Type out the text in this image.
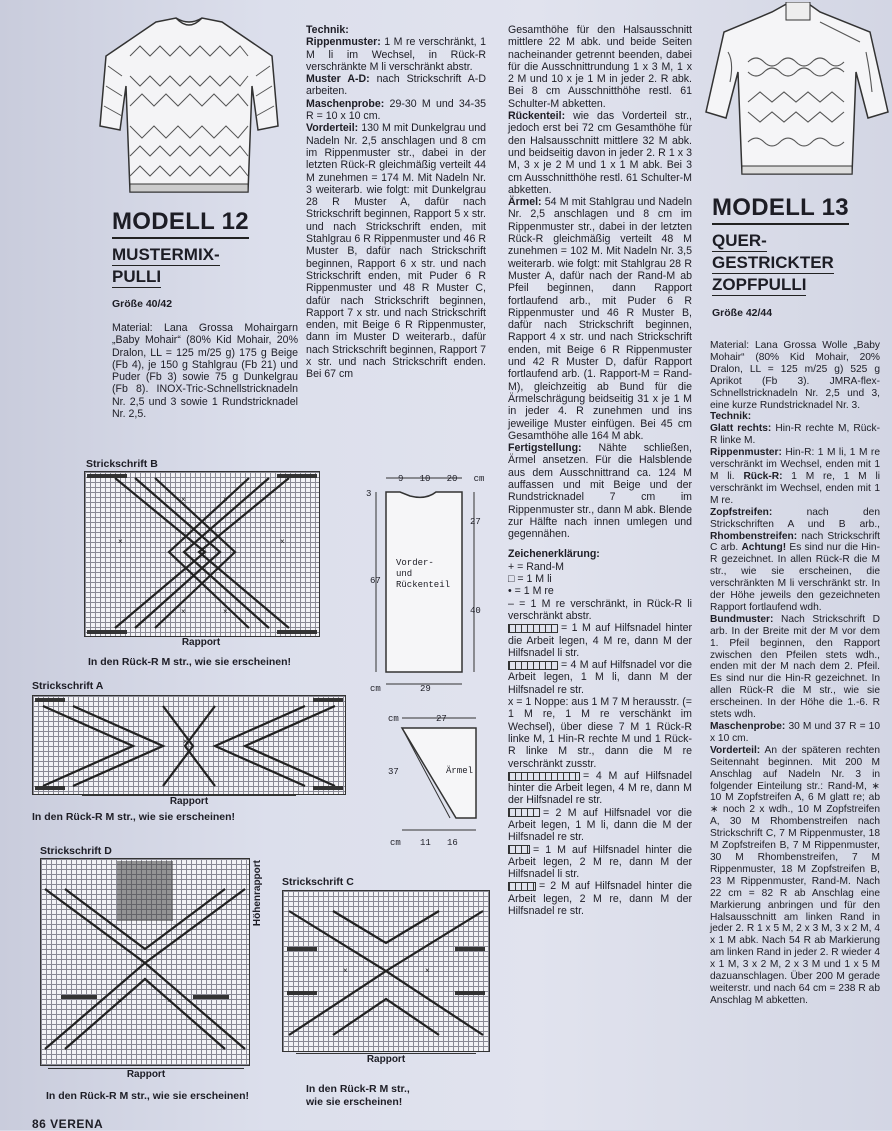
MODELL 12
MUSTERMIX-
PULLI
Größe 40/42
Material: Lana Grossa Mohairgarn „Baby Mohair“ (80% Kid Mohair, 20% Dralon, LL = 125 m/25 g) 175 g Beige (Fb 4), je 150 g Stahlgrau (Fb 21) und Puder (Fb 3) sowie 75 g Dunkelgrau (Fb 8). INOX-Tric-Schnellstricknadeln Nr. 2,5 und 3 sowie 1 Rundstricknadel Nr. 2,5.

Technik:

Rippenmuster: 1 M re verschränkt, 1 M li im Wechsel, in Rück-R verschränkte M li verschränkt abstr.

Muster A-D: nach Strickschrift A-D arbeiten.

Maschenprobe: 29-30 M und 34-35 R = 10 x 10 cm.

Vorderteil: 130 M mit Dunkelgrau und Nadeln Nr. 2,5 anschlagen und 8 cm im Rippenmuster str., dabei in der letzten Rück-R gleichmäßig verteilt 44 M zunehmen = 174 M. Mit Nadeln Nr. 3 weiterarb. wie folgt: mit Dunkelgrau 28 R Muster A, dafür nach Strickschrift beginnen, Rapport 5 x str. und nach Strickschrift enden, mit Stahlgrau 6 R Rippenmuster und 46 R Muster B, dafür nach Strickschrift beginnen, Rapport 6 x str. und nach Strickschrift enden, mit Puder 6 R Rippenmuster und 48 R Muster C, dafür nach Strickschrift beginnen, Rapport 7 x str. und nach Strickschrift enden, mit Beige 6 R Rippenmuster, dann im Muster D weiterarb., dafür nach Strickschrift beginnen, Rapport 7 x str. und nach Strickschrift enden. Bei 67 cm

Gesamthöhe für den Halsausschnitt mittlere 22 M abk. und beide Seiten nacheinander getrennt beenden, dabei für die Ausschnittrundung 1 x 3 M, 1 x 2 M und 10 x je 1 M in jeder 2. R abk. Bei 8 cm Ausschnitthöhe restl. 61 Schulter-M abketten.

Rückenteil: wie das Vorderteil str., jedoch erst bei 72 cm Gesamthöhe für den Halsausschnitt mittlere 32 M abk. und beidseitig davon in jeder 2. R 1 x 3 M, 3 x je 2 M und 1 x 1 M abk. Bei 3 cm Ausschnitthöhe restl. 61 Schulter-M abketten.

Ärmel: 54 M mit Stahlgrau und Nadeln Nr. 2,5 anschlagen und 8 cm im Rippenmuster str., dabei in der letzten Rück-R gleichmäßig verteilt 48 M zunehmen = 102 M. Mit Nadeln Nr. 3,5 weiterarb. wie folgt: mit Stahlgrau 28 R Muster A, dafür nach der Rand-M ab Pfeil beginnen, dann Rapport fortlaufend arb., mit Puder 6 R Rippenmuster und 46 R Muster B, dafür nach Strickschrift beginnen, Rapport 4 x str. und nach Strickschrift enden, mit Beige 6 R Rippenmuster und 42 R Muster D, dafür Rapport fortlaufend arb. (1. Rapport-M = Rand-M), gleichzeitig ab Bund für die Ärmelschrägung beidseitig 31 x je 1 M in jeder 4. R zunehmen und ins jeweilige Muster einfügen. Bei 45 cm Gesamthöhe alle 164 M abk.

Fertigstellung: Nähte schließen, Ärmel ansetzen. Für die Halsblende aus dem Ausschnittrand ca. 124 M auffassen und mit Beige und der Rundstricknadel 7 cm im Rippenmuster str., dann M abk. Blende zur Hälfte nach innen umlegen und gegennähen.

Zeichenerklärung:

+ = Rand-M

□ = 1 M li

• = 1 M re

– = 1 M re verschränkt, in Rück-R li verschränkt abstr.

= 1 M auf Hilfsnadel hinter die Arbeit legen, 4 M re, dann M der Hilfsnadel li str.

= 4 M auf Hilfsnadel vor die Arbeit legen, 1 M li, dann M der Hilfsnadel re str.

x = 1 Noppe: aus 1 M 7 M herausstr. (= 1 M re, 1 M re verschänkt im Wechsel), über diese 7 M 1 Rück-R linke M, 1 Hin-R rechte M und 1 Rück-R linke M str., dann die M re verschränkt zusstr.

= 4 M auf Hilfsnadel hinter die Arbeit legen, 4 M re, dann M der Hilfsnadel re str.

= 2 M auf Hilfsnadel vor die Arbeit legen, 1 M li, dann die M der Hilfsnadel re str.

= 1 M auf Hilfsnadel hinter die Arbeit legen, 2 M re, dann M der Hilfsnadel li str.

= 2 M auf Hilfsnadel hinter die Arbeit legen, 2 M re, dann M der Hilfsnadel re str.

MODELL 13
QUER-
GESTRICKTER
ZOPFPULLI
Größe 42/44

Material: Lana Grossa Wolle „Baby Mohair“ (80% Kid Mohair, 20% Dralon, LL = 125 m/25 g) 525 g Aprikot (Fb 3). JMRA-flex-Schnellstricknadeln Nr. 2,5 und 3, eine kurze Rundstricknadel Nr. 3.

Technik:

Glatt rechts: Hin-R rechte M, Rück-R linke M.

Rippenmuster: Hin-R: 1 M li, 1 M re verschränkt im Wechsel, enden mit 1 M li. Rück-R: 1 M re, 1 M li verschränkt im Wechsel, enden mit 1 M re.

Zopfstreifen:	nach den Strickschriften A und B arb., Rhombenstreifen: nach Strickschrift C arb. Achtung! Es sind nur die Hin-R gezeichnet. In allen Rück-R die M str., wie sie erscheinen, die verschränkten M li verschränkt str. In der Höhe jeweils den gezeichneten Rapport fortlaufend wdh.

Bundmuster: Nach Strickschrift D arb. In der Breite mit der M vor dem 1. Pfeil beginnen, den Rapport zwischen den Pfeilen stets wdh., enden mit der M nach dem 2. Pfeil. Es sind nur die Hin-R gezeichnet. In allen Rück-R die M str., wie sie erscheinen. In der Höhe die 1.-6. R stets wdh.

Maschenprobe: 30 M und 37 R = 10 x 10 cm.

Vorderteil: An der späteren rechten Seitennaht beginnen. Mit 200 M Anschlag auf Nadeln Nr. 3 in folgender Einteilung str.: Rand-M, ∗ 10 M Zopfstreifen A, 6 M glatt re; ab ∗ noch 2 x wdh., 10 M Zopfstreifen A, 30 M Rhombenstreifen nach Strickschrift C, 7 M Rippenmuster, 18 M Zopfstreifen B, 7 M Rippenmuster, 30 M Rhombenstreifen, 7 M Rippenmuster, 18 M Zopfstreifen B, 23 M Rippenmuster, Rand-M. Nach 22 cm = 82 R ab Anschlag eine Markierung anbringen und für den Halsausschnitt am linken Rand in jeder 2. R 1 x 5 M, 2 x 3 M, 3 x 2 M, 4 x 1 M abk. Nach 54 R ab Markierung am linken Rand in jeder 2. R wieder 4 x 1 M, 3 x 2 M, 2 x 3 M und 1 x 5 M dazuanschlagen. Über 200 M gerade weiterstr. und nach 64 cm = 238 R ab Anschlag M abketten.

Strickschrift B
×	×
×	×
×	×
Rapport
In den Rück-R M str., wie sie erscheinen!
Strickschrift A
×
Rapport
In den Rück-R M str., wie sie erscheinen!
9   10   20   cm
3
67
27
40
Vorder-
und
Rückenteil
29
cm
27
cm
37	Ärmel
11   16
cm
Strickschrift D
×	×
Höhenrapport
Rapport
In den Rück-R M str., wie sie erscheinen!
Strickschrift C
×	×
Rapport
In den Rück-R M str.,
wie sie erscheinen!
86 VERENA
